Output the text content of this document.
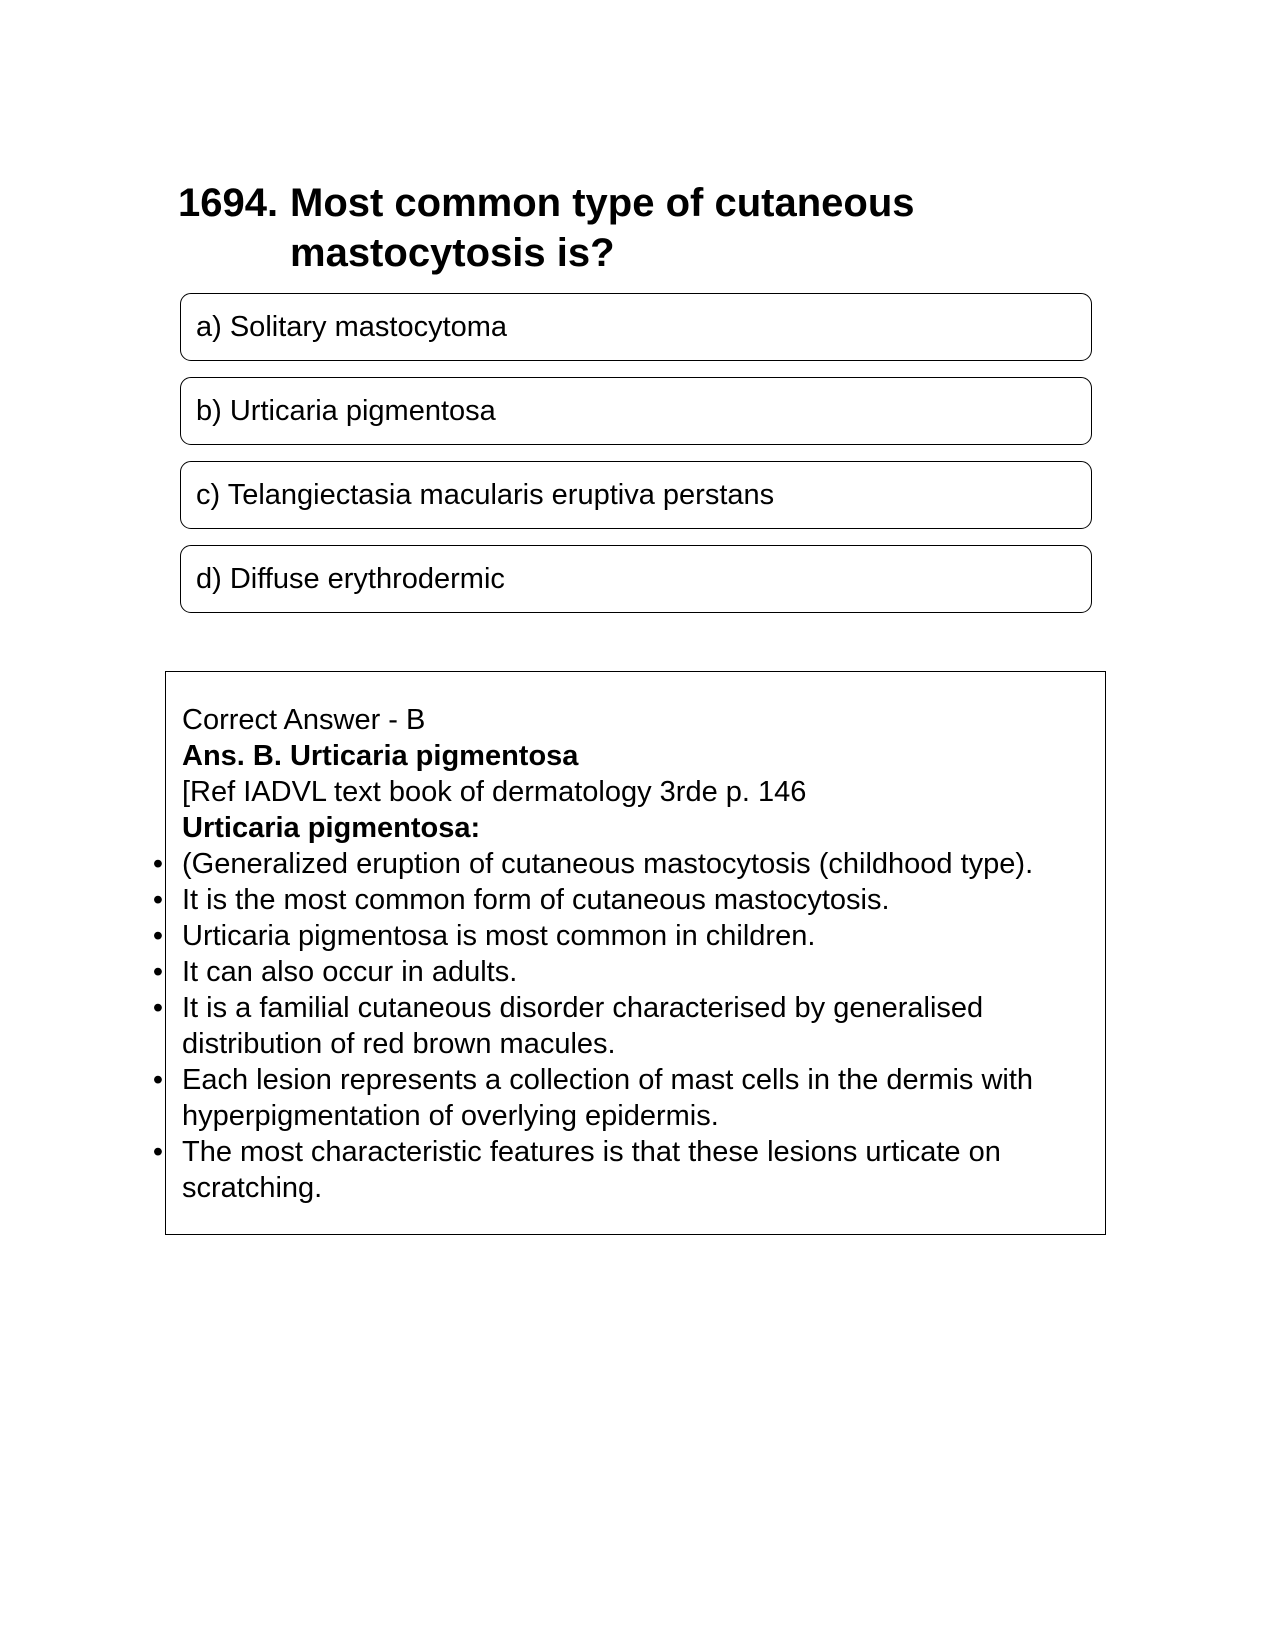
1694. Most common type of cutaneous mastocytosis is?
a) Solitary mastocytoma
b) Urticaria pigmentosa
c) Telangiectasia macularis eruptiva perstans
d) Diffuse erythrodermic
Correct Answer - B
Ans. B. Urticaria pigmentosa
[Ref IADVL text book of dermatology 3rde p. 146
Urticaria pigmentosa:
• (Generalized eruption of cutaneous mastocytosis (childhood type).
• It is the most common form of cutaneous mastocytosis.
• Urticaria pigmentosa is most common in children.
• It can also occur in adults.
• It is a familial cutaneous disorder characterised by generalised distribution of red brown macules.
• Each lesion represents a collection of mast cells in the dermis with hyperpigmentation of overlying epidermis.
• The most characteristic features is that these lesions urticate on scratching.
